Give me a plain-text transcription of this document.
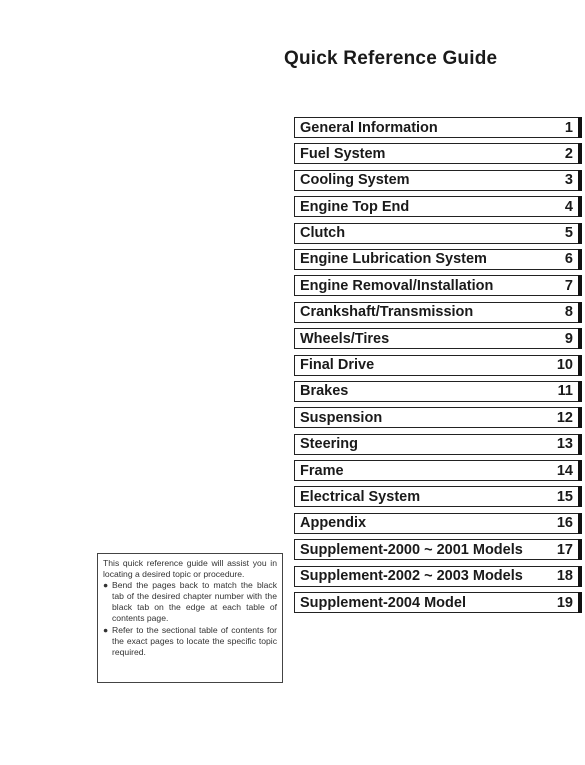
Quick Reference Guide
General Information	1
Fuel System	2
Cooling System	3
Engine Top End	4
Clutch	5
Engine Lubrication System	6
Engine Removal/Installation	7
Crankshaft/Transmission	8
Wheels/Tires	9
Final Drive	10
Brakes	11
Suspension	12
Steering	13
Frame	14
Electrical System	15
Appendix	16
Supplement-2000 ~ 2001 Models 17
Supplement-2002 ~ 2003 Models 18
Supplement-2004 Model	19

This quick reference guide will assist you in locating a desired topic or procedure.

● Bend the pages back to match the black tab of the desired chapter number with the black tab on the edge at each table of contents page.
● Refer to the sectional table of contents for the exact pages to locate the specific topic required.
